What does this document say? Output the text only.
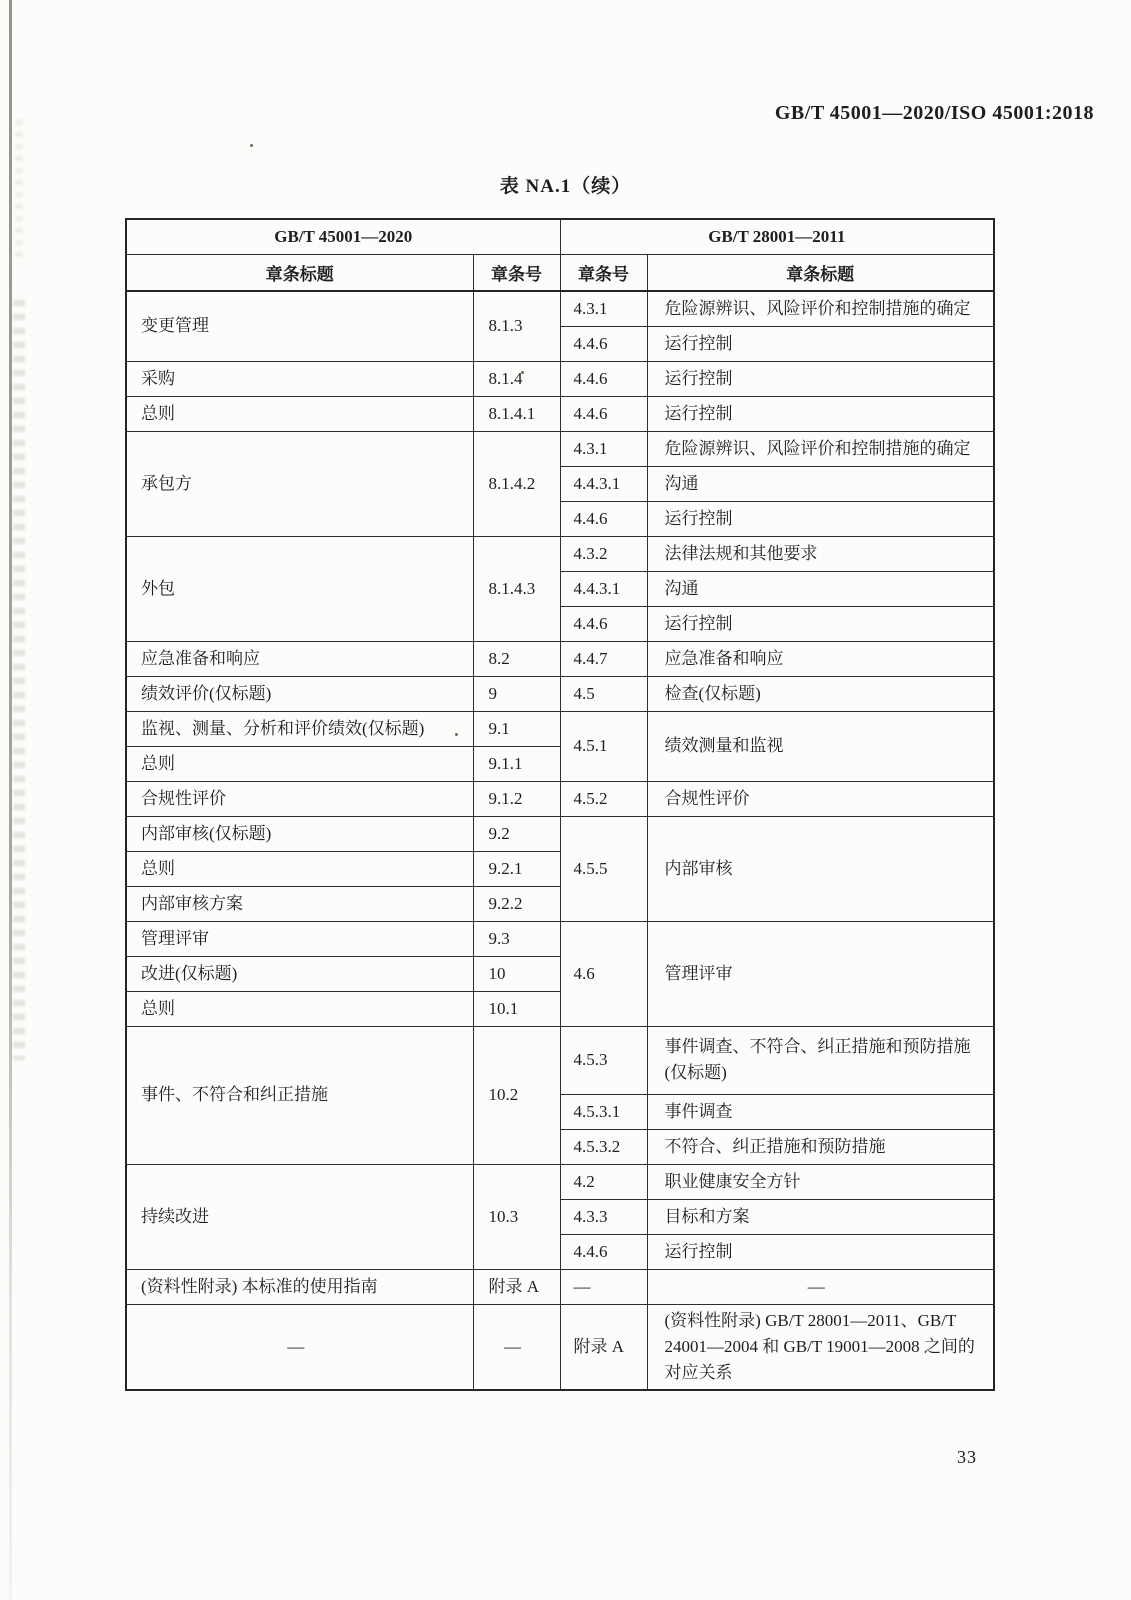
GB/T 45001—2020/ISO 45001:2018
表 NA.1（续）
GB/T 45001—2020		GB/T 28001—2011	
章条标题	章条号	章条号	章条标题
变更管理	8.1.3	4.3.1	危险源辨识、风险评价和控制措施的确定
		4.4.6	运行控制
采购	8.1.4	4.4.6	运行控制
总则	8.1.4.1	4.4.6	运行控制
承包方	8.1.4.2	4.3.1	危险源辨识、风险评价和控制措施的确定
		4.4.3.1	沟通
		4.4.6	运行控制
外包	8.1.4.3	4.3.2	法律法规和其他要求
		4.4.3.1	沟通
		4.4.6	运行控制
应急准备和响应	8.2	4.4.7	应急准备和响应
绩效评价(仅标题)	9	4.5	检查(仅标题)
监视、测量、分析和评价绩效(仅标题)	9.1	4.5.1	绩效测量和监视
总则	9.1.1		
合规性评价	9.1.2	4.5.2	合规性评价
内部审核(仅标题)	9.2	4.5.5	内部审核
总则	9.2.1		
内部审核方案	9.2.2		
管理评审	9.3	4.6	管理评审
改进(仅标题)	10		
总则	10.1		
事件、不符合和纠正措施	10.2	4.5.3	事件调查、不符合、纠正措施和预防措施(仅标题)
		4.5.3.1	事件调查
		4.5.3.2	不符合、纠正措施和预防措施
持续改进	10.3	4.2	职业健康安全方针
		4.3.3	目标和方案
		4.4.6	运行控制
(资料性附录) 本标准的使用指南	附录 A	—	—
—	—	附录 A	(资料性附录) GB/T 28001—2011、GB/T 24001—2004 和 GB/T 19001—2008 之间的对应关系
33
